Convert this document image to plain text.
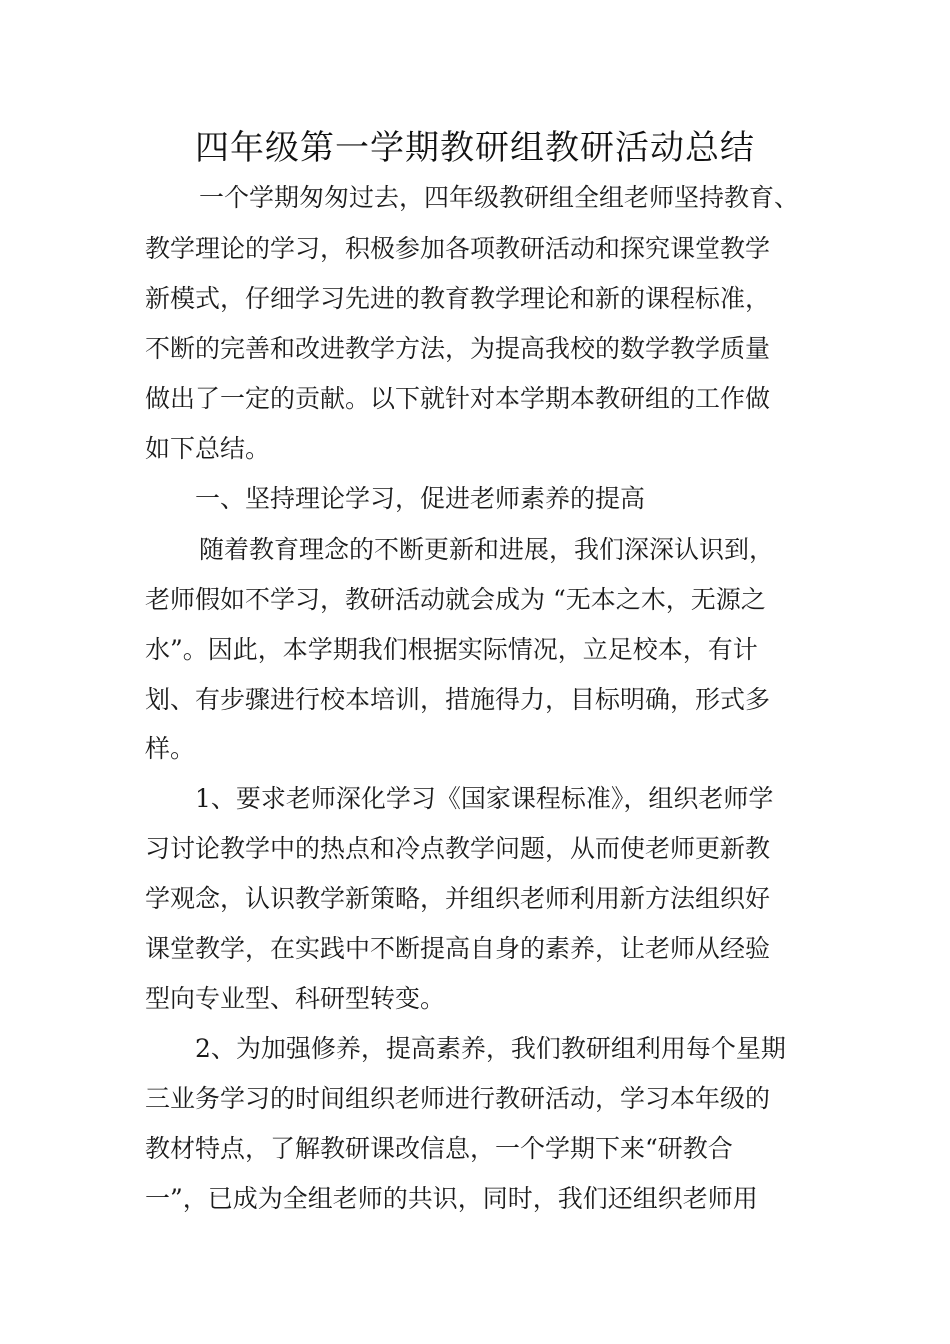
四年级第一学期教研组教研活动总结
一个学期匆匆过去，四年级教研组全组老师坚持教育、
教学理论的学习，积极参加各项教研活动和探究课堂教学
新模式，仔细学习先进的教育教学理论和新的课程标准，
不断的完善和改进教学方法，为提高我校的数学教学质量
做出了一定的贡献。以下就针对本学期本教研组的工作做
如下总结。
一、坚持理论学习，促进老师素养的提高
随着教育理念的不断更新和进展，我们深深认识到，
老师假如不学习，教研活动就会成为 “无本之木，无源之
水”。因此，本学期我们根据实际情况，立足校本，有计
划、有步骤进行校本培训，措施得力，目标明确，形式多
样。
1、要求老师深化学习《国家课程标准》，组织老师学
习讨论教学中的热点和冷点教学问题，从而使老师更新教
学观念，认识教学新策略，并组织老师利用新方法组织好
课堂教学，在实践中不断提高自身的素养，让老师从经验
型向专业型、科研型转变。
2、为加强修养，提高素养，我们教研组利用每个星期
三业务学习的时间组织老师进行教研活动，学习本年级的
教材特点，了解教研课改信息，一个学期下来“研教合
一”，已成为全组老师的共识，同时，我们还组织老师用
